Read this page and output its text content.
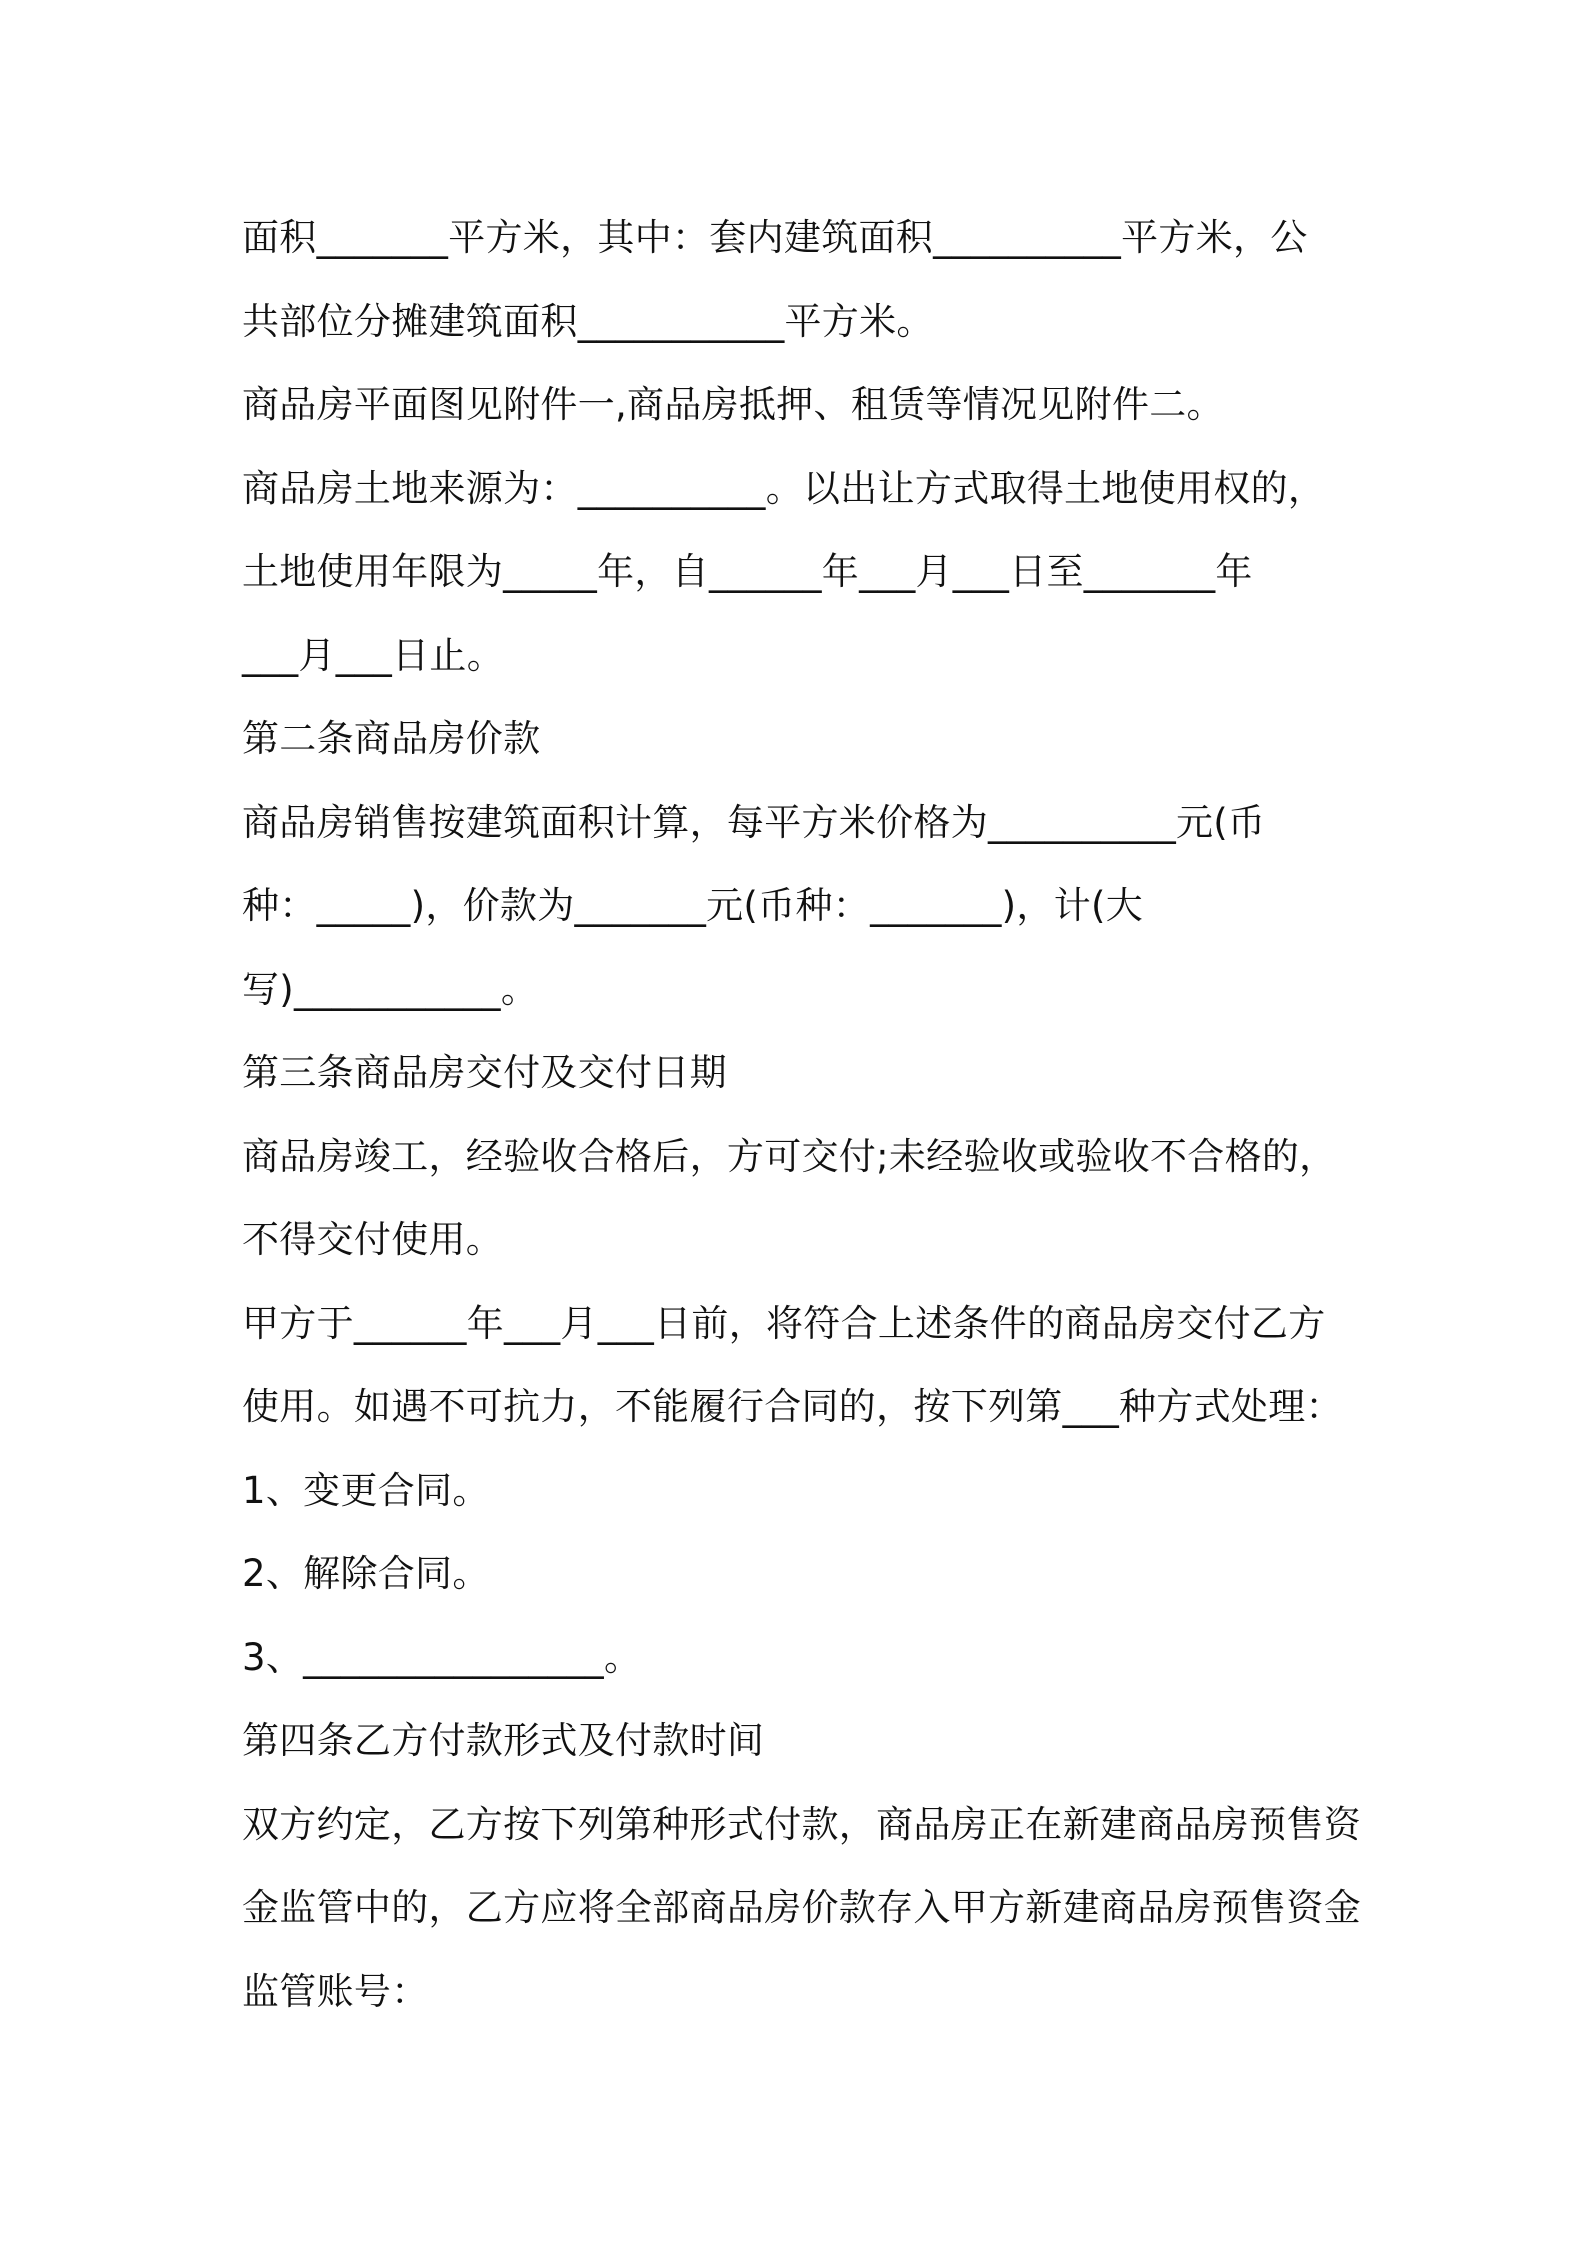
面积_______平方米，其中：套内建筑面积__________平方米，公
共部位分摊建筑面积___________平方米。
商品房平面图见附件一,商品房抵押、租赁等情况见附件二。
商品房土地来源为：__________。以出让方式取得土地使用权的，
土地使用年限为_____年，自______年___月___日至_______年
___月___日止。
第二条商品房价款
商品房销售按建筑面积计算，每平方米价格为__________元(币
种：_____)，价款为_______元(币种：_______)，计(大
写)___________。
第三条商品房交付及交付日期
商品房竣工，经验收合格后，方可交付;未经验收或验收不合格的，
不得交付使用。
甲方于______年___月___日前，将符合上述条件的商品房交付乙方
使用。如遇不可抗力，不能履行合同的，按下列第___种方式处理：
1、变更合同。
2、解除合同。
3、________________。
第四条乙方付款形式及付款时间
双方约定，乙方按下列第种形式付款，商品房正在新建商品房预售资
金监管中的，乙方应将全部商品房价款存入甲方新建商品房预售资金
监管账号：
